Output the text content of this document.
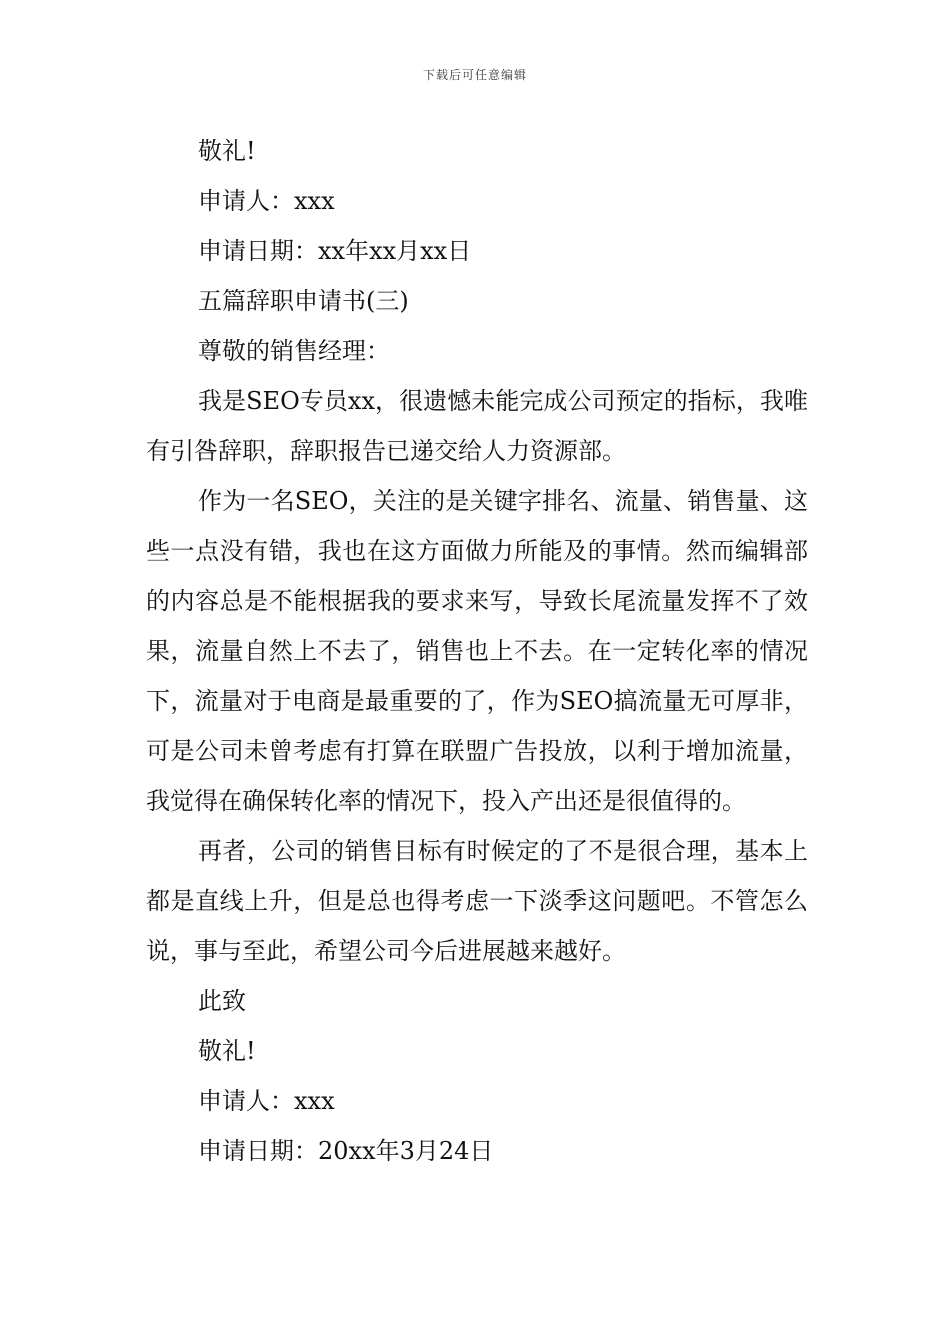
下载后可任意编辑

敬礼!

申请人：xxx

申请日期：xx年xx月xx日

五篇辞职申请书(三)

尊敬的销售经理：

我是SEO专员xx，很遗憾未能完成公司预定的指标，我唯有引咎辞职，辞职报告已递交给人力资源部。

作为一名SEO，关注的是关键字排名、流量、销售量、这些一点没有错，我也在这方面做力所能及的事情。然而编辑部的内容总是不能根据我的要求来写，导致长尾流量发挥不了效果，流量自然上不去了，销售也上不去。在一定转化率的情况下，流量对于电商是最重要的了，作为SEO搞流量无可厚非，可是公司未曾考虑有打算在联盟广告投放，以利于增加流量，我觉得在确保转化率的情况下，投入产出还是很值得的。

再者，公司的销售目标有时候定的了不是很合理，基本上都是直线上升，但是总也得考虑一下淡季这问题吧。不管怎么说，事与至此，希望公司今后进展越来越好。

此致

敬礼!

申请人：xxx

申请日期：20xx年3月24日
